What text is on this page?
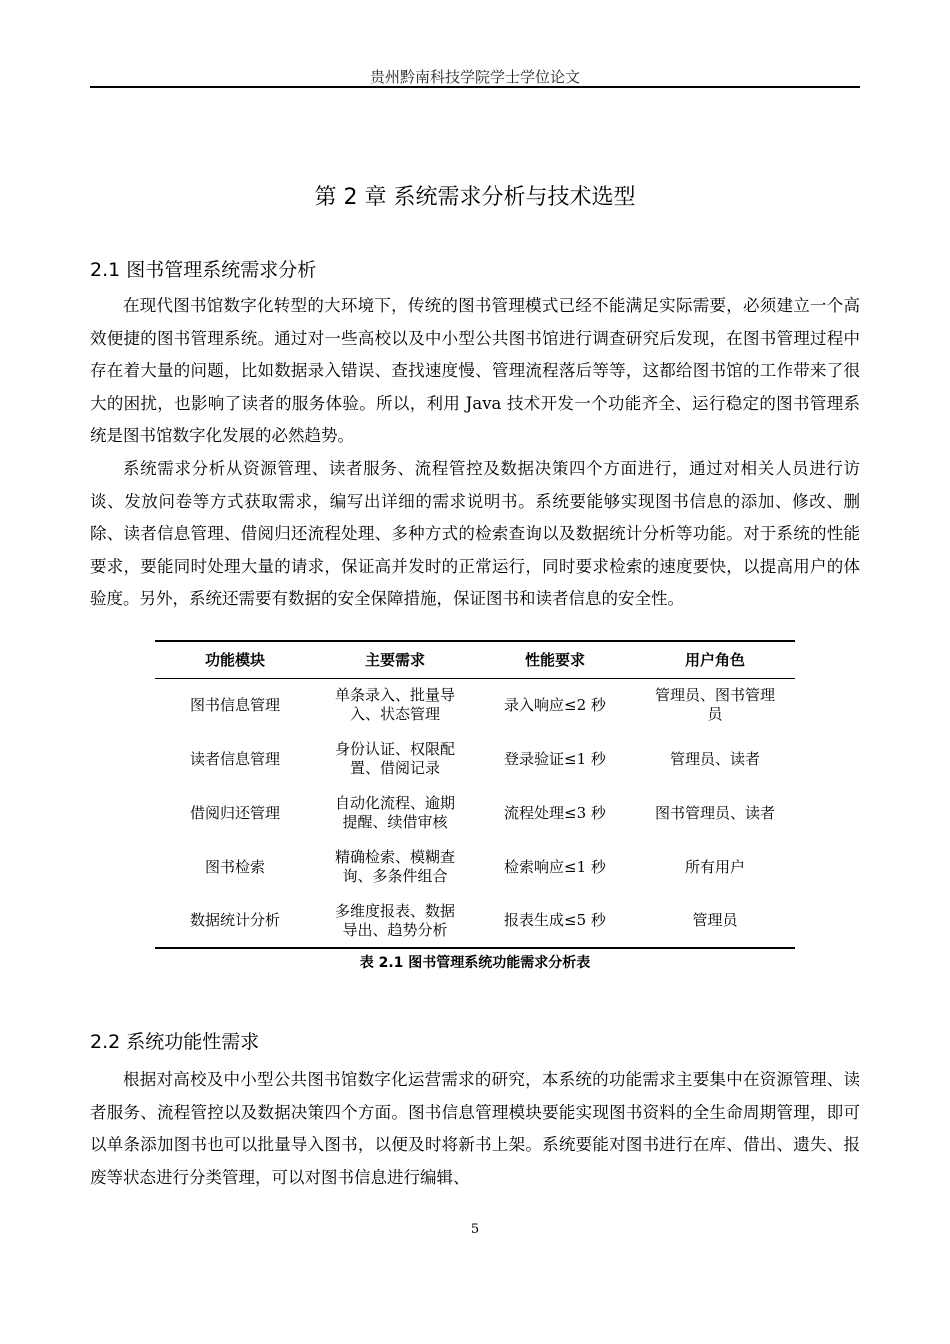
贵州黔南科技学院学士学位论文
第 2 章 系统需求分析与技术选型
2.1 图书管理系统需求分析

在现代图书馆数字化转型的大环境下，传统的图书管理模式已经不能满足实际需要，必须建立一个高效便捷的图书管理系统。通过对一些高校以及中小型公共图书馆进行调查研究后发现，在图书管理过程中存在着大量的问题，比如数据录入错误、查找速度慢、管理流程落后等等，这都给图书馆的工作带来了很大的困扰，也影响了读者的服务体验。所以，利用 Java 技术开发一个功能齐全、运行稳定的图书管理系统是图书馆数字化发展的必然趋势。

系统需求分析从资源管理、读者服务、流程管控及数据决策四个方面进行，通过对相关人员进行访谈、发放问卷等方式获取需求，编写出详细的需求说明书。系统要能够实现图书信息的添加、修改、删除、读者信息管理、借阅归还流程处理、多种方式的检索查询以及数据统计分析等功能。对于系统的性能要求，要能同时处理大量的请求，保证高并发时的正常运行，同时要求检索的速度要快，以提高用户的体验度。另外，系统还需要有数据的安全保障措施，保证图书和读者信息的安全性。

功能模块	主要需求	性能要求	用户角色
图书信息管理	单条录入、批量导入、状态管理	录入响应≤2 秒	管理员、图书管理员
读者信息管理	身份认证、权限配置、借阅记录	登录验证≤1 秒	管理员、读者
借阅归还管理	自动化流程、逾期提醒、续借审核	流程处理≤3 秒	图书管理员、读者
图书检索	精确检索、模糊查询、多条件组合	检索响应≤1 秒	所有用户
数据统计分析	多维度报表、数据导出、趋势分析	报表生成≤5 秒	管理员
表 2.1 图书管理系统功能需求分析表
2.2 系统功能性需求

根据对高校及中小型公共图书馆数字化运营需求的研究，本系统的功能需求主要集中在资源管理、读者服务、流程管控以及数据决策四个方面。图书信息管理模块要能实现图书资料的全生命周期管理，即可以单条添加图书也可以批量导入图书，以便及时将新书上架。系统要能对图书进行在库、借出、遗失、报废等状态进行分类管理，可以对图书信息进行编辑、

5
